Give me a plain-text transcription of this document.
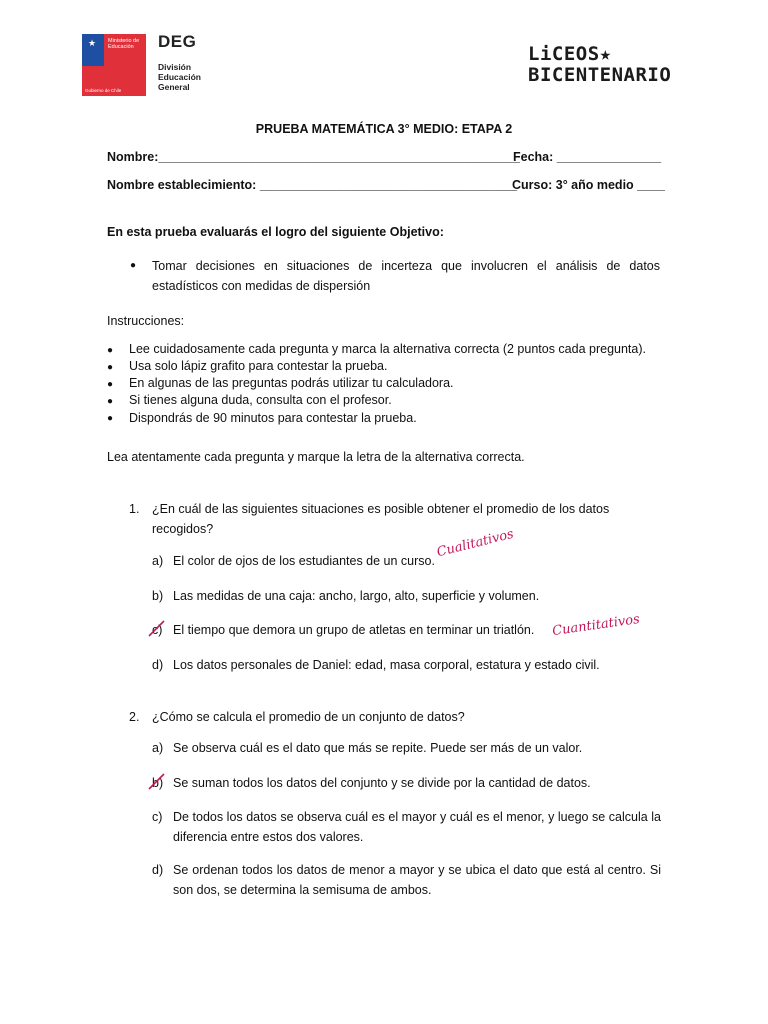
★ Ministerio de
Educación
Gobierno de Chile
DEG
División
Educación
General
LiCEOS★
BICENTENARIO
PRUEBA MATEMÁTICA 3° MEDIO: ETAPA 2
Nombre:____________________________________________________
Fecha: _______________
Nombre establecimiento: _____________________________________
Curso: 3° año medio ____
En esta prueba evaluarás el logro del siguiente Objetivo:
● Tomar decisiones en situaciones de incerteza que involucren el análisis de datos estadísticos con medidas de dispersión
Instrucciones:
● Lee cuidadosamente cada pregunta y marca la alternativa correcta (2 puntos cada pregunta).
● Usa solo lápiz grafito para contestar la prueba.
● En algunas de las preguntas podrás utilizar tu calculadora.
● Si tienes alguna duda, consulta con el profesor.
● Dispondrás de 90 minutos para contestar la prueba.
Lea atentamente cada pregunta y marque la letra de la alternativa correcta.
1. ¿En cuál de las siguientes situaciones es posible obtener el promedio de los datos recogidos?
a) El color de ojos de los estudiantes de un curso.
Cualitativos
b) Las medidas de una caja: ancho, largo, alto, superficie y volumen.
c) El tiempo que demora un grupo de atletas en terminar un triatlón. Cuantitativos
d) Los datos personales de Daniel: edad, masa corporal, estatura y estado civil.
2. ¿Cómo se calcula el promedio de un conjunto de datos?
a) Se observa cuál es el dato que más se repite. Puede ser más de un valor.
b) Se suman todos los datos del conjunto y se divide por la cantidad de datos.
c) De todos los datos se observa cuál es el mayor y cuál es el menor, y luego se calcula la diferencia entre estos dos valores.
d) Se ordenan todos los datos de menor a mayor y se ubica el dato que está al centro. Si son dos, se determina la semisuma de ambos.
